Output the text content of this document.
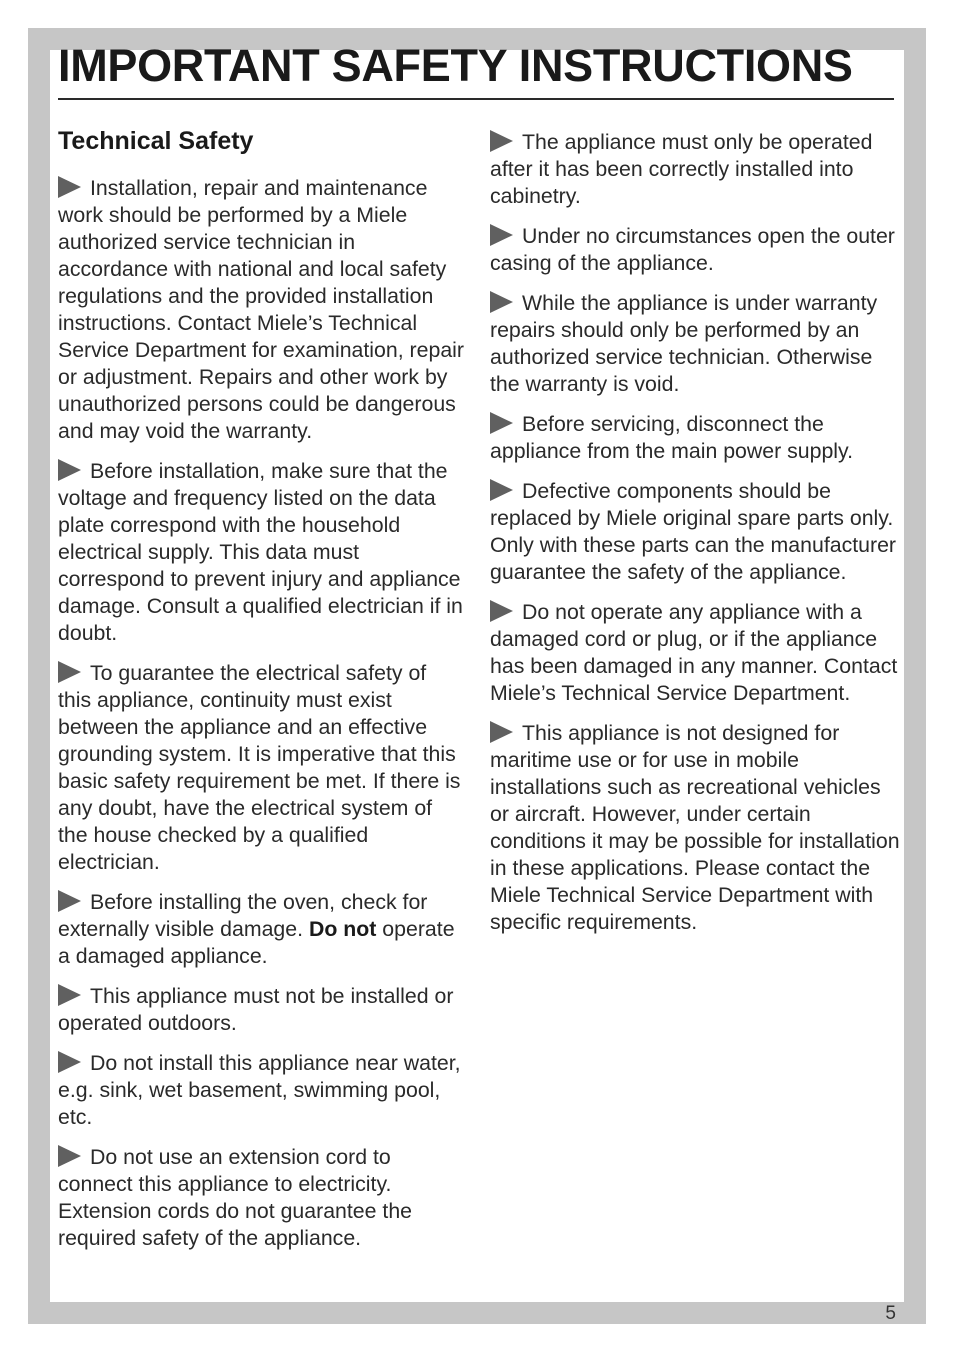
IMPORTANT SAFETY INSTRUCTIONS
Technical Safety

Installation, repair and maintenance work should be performed by a Miele authorized service technician in accordance with national and local safety regulations and the provided installation instructions. Contact Miele’s Technical Service Department for examination, repair or adjustment. Repairs and other work by unauthorized persons could be dangerous and may void the warranty.

Before installation, make sure that the voltage and frequency listed on the data plate correspond with the household electrical supply. This data must correspond to prevent injury and appliance damage. Consult a qualified electrician if in doubt.

To guarantee the electrical safety of this appliance, continuity must exist between the appliance and an effective grounding system. It is imperative that this basic safety requirement be met. If there is any doubt, have the electrical system of the house checked by a qualified electrician.

Before installing the oven, check for externally visible damage. Do not operate a damaged appliance.

This appliance must not be installed or operated outdoors.

Do not install this appliance near water, e.g. sink, wet basement, swimming pool, etc.

Do not use an extension cord to connect this appliance to electricity. Extension cords do not guarantee the required safety of the appliance.

The appliance must only be operated after it has been correctly installed into cabinetry.

Under no circumstances open the outer casing of the appliance.

While the appliance is under warranty repairs should only be performed by an authorized service technician. Otherwise the warranty is void.

Before servicing, disconnect the appliance from the main power supply.

Defective components should be replaced by Miele original spare parts only. Only with these parts can the manufacturer guarantee the safety of the appliance.

Do not operate any appliance with a damaged cord or plug, or if the appliance has been damaged in any manner. Contact Miele’s Technical Service Department.

This appliance is not designed for maritime use or for use in mobile installations such as recreational vehicles or aircraft. However, under certain conditions it may be possible for installation in these applications. Please contact the Miele Technical Service Department with specific requirements.

5
